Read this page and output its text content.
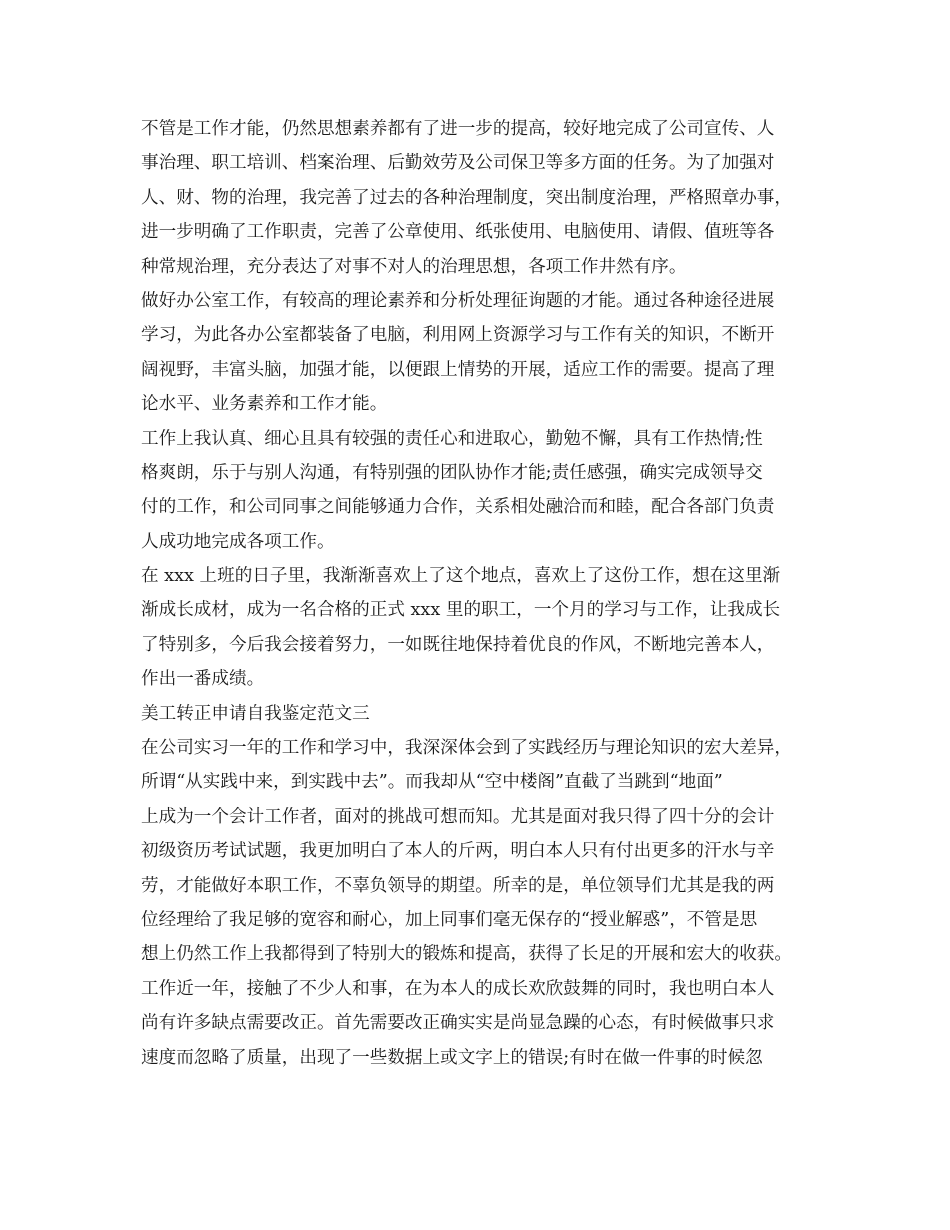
不管是工作才能，仍然思想素养都有了进一步的提高，较好地完成了公司宣传、人
事治理、职工培训、档案治理、后勤效劳及公司保卫等多方面的任务。为了加强对
人、财、物的治理，我完善了过去的各种治理制度，突出制度治理，严格照章办事，
进一步明确了工作职责，完善了公章使用、纸张使用、电脑使用、请假、值班等各
种常规治理，充分表达了对事不对人的治理思想，各项工作井然有序。
做好办公室工作，有较高的理论素养和分析处理征询题的才能。通过各种途径进展
学习，为此各办公室都装备了电脑，利用网上资源学习与工作有关的知识，不断开
阔视野，丰富头脑，加强才能，以便跟上情势的开展，适应工作的需要。提高了理
论水平、业务素养和工作才能。
工作上我认真、细心且具有较强的责任心和进取心，勤勉不懈，具有工作热情;性
格爽朗，乐于与别人沟通，有特别强的团队协作才能;责任感强，确实完成领导交
付的工作，和公司同事之间能够通力合作，关系相处融洽而和睦，配合各部门负责
人成功地完成各项工作。
在 xxx 上班的日子里，我渐渐喜欢上了这个地点，喜欢上了这份工作，想在这里渐
渐成长成材，成为一名合格的正式 xxx 里的职工，一个月的学习与工作，让我成长
了特别多，今后我会接着努力，一如既往地保持着优良的作风，不断地完善本人，
作出一番成绩。
美工转正申请自我鉴定范文三
在公司实习一年的工作和学习中，我深深体会到了实践经历与理论知识的宏大差异，
所谓“从实践中来，到实践中去”。而我却从“空中楼阁”直截了当跳到“地面”
上成为一个会计工作者，面对的挑战可想而知。尤其是面对我只得了四十分的会计
初级资历考试试题，我更加明白了本人的斤两，明白本人只有付出更多的汗水与辛
劳，才能做好本职工作，不辜负领导的期望。所幸的是，单位领导们尤其是我的两
位经理给了我足够的宽容和耐心，加上同事们毫无保存的“授业解惑”，不管是思
想上仍然工作上我都得到了特别大的锻炼和提高，获得了长足的开展和宏大的收获。
工作近一年，接触了不少人和事，在为本人的成长欢欣鼓舞的同时，我也明白本人
尚有许多缺点需要改正。首先需要改正确实实是尚显急躁的心态，有时候做事只求
速度而忽略了质量，出现了一些数据上或文字上的错误;有时在做一件事的时候忽
